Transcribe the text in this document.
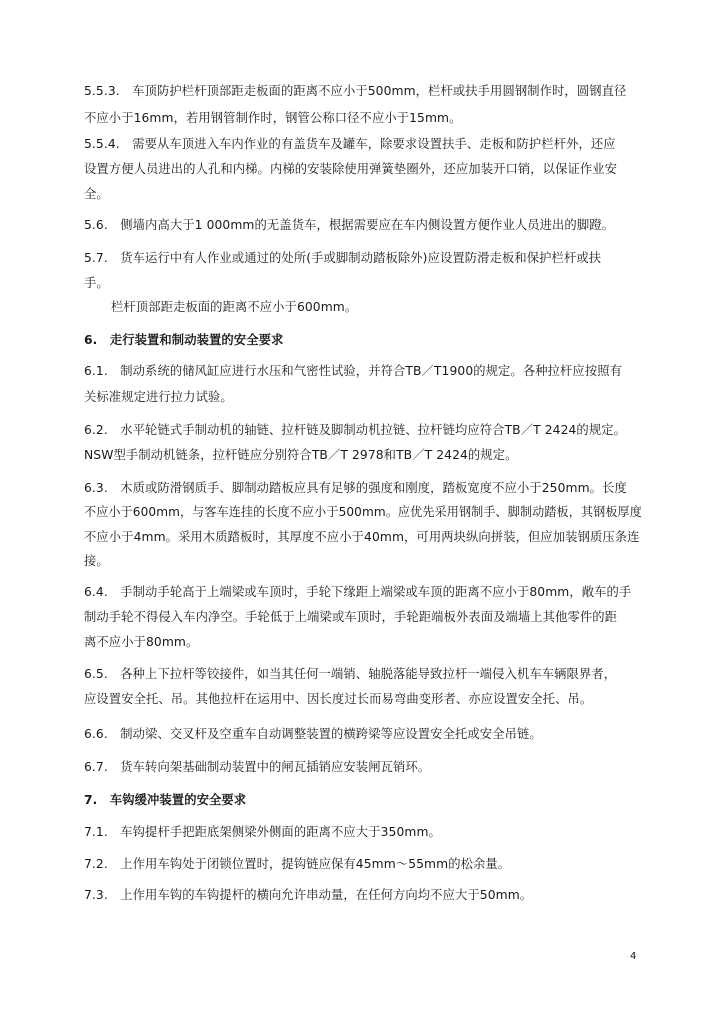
5.5.3.　车顶防护栏杆顶部距走板面的距离不应小于500mm，栏杆或扶手用圆钢制作时，圆钢直径
不应小于16mm，若用钢管制作时，钢管公称口径不应小于15mm。
5.5.4.　需要从车顶进入车内作业的有盖货车及罐车，除要求设置扶手、走板和防护栏杆外，还应
设置方便人员进出的人孔和内梯。内梯的安装除使用弹簧垫圈外，还应加装开口销，以保证作业安
全。
5.6.　侧墙内高大于1 000mm的无盖货车，根据需要应在车内侧设置方便作业人员进出的脚蹬。
5.7.　货车运行中有人作业或通过的处所(手或脚制动踏板除外)应设置防滑走板和保护栏杆或扶
手。
栏杆顶部距走板面的距离不应小于600mm。
6.　走行装置和制动装置的安全要求
6.1.　制动系统的储风缸应进行水压和气密性试验，并符合TB／T1900的规定。各种拉杆应按照有
关标准规定进行拉力试验。
6.2.　水平轮链式手制动机的轴链、拉杆链及脚制动机拉链、拉杆链均应符合TB／T 2424的规定。
NSW型手制动机链条，拉杆链应分别符合TB／T 2978和TB／T 2424的规定。
6.3.　木质或防滑钢质手、脚制动踏板应具有足够的强度和刚度，踏板宽度不应小于250mm。长度
不应小于600mm，与客车连挂的长度不应小于500mm。应优先采用钢制手、脚制动踏板，其钢板厚度
不应小于4mm。采用木质踏板时，其厚度不应小于40mm，可用两块纵向拼装，但应加装钢质压条连
接。
6.4.　手制动手轮高于上端梁或车顶时，手轮下缘距上端梁或车顶的距离不应小于80mm，敞车的手
制动手轮不得侵入车内净空。手轮低于上端梁或车顶时，手轮距端板外表面及端墙上其他零件的距
离不应小于80mm。
6.5.　各种上下拉杆等铰接件，如当其任何一端销、轴脱落能导致拉杆一端侵入机车车辆限界者，
应设置安全托、吊。其他拉杆在运用中、因长度过长而易弯曲变形者、亦应设置安全托、吊。
6.6.　制动梁、交叉杆及空重车自动调整装置的横跨梁等应设置安全托或安全吊链。
6.7.　货车转向架基础制动装置中的闸瓦插销应安装闸瓦销环。
7.　车钩缓冲装置的安全要求
7.1.　车钩提杆手把距底架侧梁外侧面的距离不应大于350mm。
7.2.　上作用车钩处于闭锁位置时，提钩链应保有45mm～55mm的松余量。
7.3.　上作用车钩的车钩提杆的横向允许串动量，在任何方向均不应大于50mm。
4
